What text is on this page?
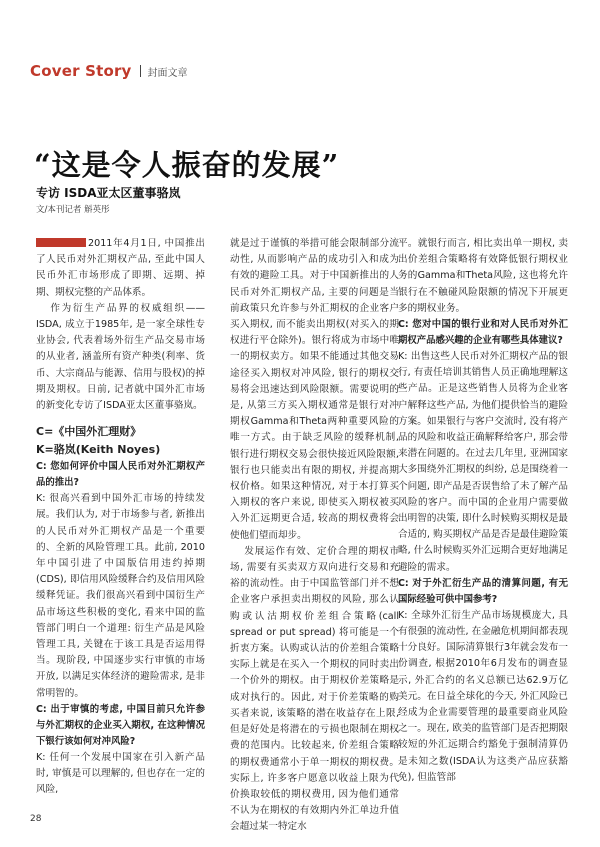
Cover Story 封面文章
“这是令人振奋的发展”
专访 ISDA亚太区董事骆岚
文/本刊记者 斛英彤

2011年4月1日, 中国推出了人民币对外汇期权产品, 至此中国人民币外汇市场形成了即期、远期、掉期、期权完整的产品体系。

作为衍生产品界的权威组织—— ISDA, 成立于1985年, 是一家全球性专业协会, 代表着场外衍生产品交易市场的从业者, 涵盖所有资产种类(利率、货币、大宗商品与能源、信用与股权)的掉期及期权。日前, 记者就中国外汇市场的新变化专访了ISDA亚太区董事骆岚。

C=《中国外汇理财》
K=骆岚(Keith Noyes)

C: 您如何评价中国人民币对外汇期权产品的推出?

K: 很高兴看到中国外汇市场的持续发展。我们认为, 对于市场参与者, 新推出的人民币对外汇期权产品是一个重要的、全新的风险管理工具。此前, 2010年中国引进了中国版信用违约掉期(CDS), 即信用风险缓释合约及信用风险缓释凭证。我们很高兴看到中国衍生产品市场这些积极的变化, 看来中国的监管部门明白一个道理: 衍生产品是风险管理工具, 关键在于该工具是否运用得当。现阶段, 中国逐步实行审慎的市场开放, 以满足实体经济的避险需求, 是非常明智的。

C: 出于审慎的考虑, 中国目前只允许参与外汇期权的企业买入期权, 在这种情况下银行该如何对冲风险?

K: 任何一个发展中国家在引入新产品时, 审慎是可以理解的, 但也存在一定的风险,

就是过于谨慎的举措可能会限制部分流动性, 从而影响产品的成功引入和成为有效的避险工具。对于中国新推出的人民币对外汇期权产品, 主要的问题是当前政策只允许参与外汇期权的企业客户买入期权, 而不能卖出期权(对买入的期权进行平仓除外)。银行将成为市场中唯一的期权卖方。如果不能通过其他交易途径买入期权对冲风险, 银行的期权交易将会迅速达到风险限额。需要说明的是, 从第三方买入期权通常是银行对冲期权Gamma和Theta两种重要风险的唯一方式。由于缺乏风险的缓释机制, 银行进行期权交易会很快接近风险限额, 银行也只能卖出有限的期权, 并提高期权价格。如果这种情况, 对于本打算买入期权的客户来说, 即使买入期权被买入外汇远期更合适, 较高的期权费将会使他们望而却步。

发展运作有效、定价合理的期权市场, 需要有买卖双方双向进行交易和充裕的流动性。由于中国监管部门并不想企业客户承担卖出期权的风险, 那么认购或认沽期权价差组合策略(call spread or put spread) 将可能是一个折衷方案。认购或认沽的价差组合策略实际上就是在买入一个期权的同时卖出一个价外的期权。由于期权价差策略是成对执行的。因此, 对于价差策略的购买者来说, 该策略的潜在收益存在上限, 但是好处是将潜在的亏损也限制在期权费的范围内。比较起来, 价差组合策略的期权费通常小于单一期权的期权费。实际上, 许多客户愿意以收益上限为代价换取较低的期权费用, 因为他们通常不认为在期权的有效期内外汇单边升值会超过某一特定水

平。就银行而言, 相比卖出单一期权, 卖出价差组合策略将有效降低银行期权业务的Gamma和Theta风险, 这也将允许银行在不触碰风险限额的情况下开展更多的期权业务。

C: 您对中国的银行业和对人民币对外汇期权产品感兴趣的企业有哪些具体建议?

K: 出售这些人民币对外汇期权产品的银行, 有责任培训其销售人员正确地理解这些产品。正是这些销售人员将为企业客户解释这些产品, 为他们提供恰当的避险方案。如果银行与客户交流时, 没有将产品的风险和收益正确解释给客户, 那会带来潜在问题的。在过去几年里, 亚洲国家大多围绕外汇期权的纠纷, 总是围绕着一个问题, 即产品是否误售给了未了解产品风险的客户。而中国的企业用户需要做出明智的决策, 即什么时候购买期权是最合适的, 购买期权产品是否是最佳避险策略, 什么时候购买外汇远期合更好地满足避险的需求。

C: 对于外汇衍生产品的清算问题, 有无国际经验可供中国参考?

K: 全球外汇衍生产品市场规模庞大, 具有很强的流动性, 在金融危机期间都表现十分良好。国际清算银行3年就会发布一份调查, 根据2010年6月发布的调查显示, 外汇合约的名义总额已达62.9万亿美元。在日益全球化的今天, 外汇风险已经成为企业需要管理的最重要商业风险之一。现在, 欧美的监管部门是否把期限较短的外汇远期合约豁免于强制清算仍是未知之数(ISDA认为这类产品应获豁免), 但监管部

28
